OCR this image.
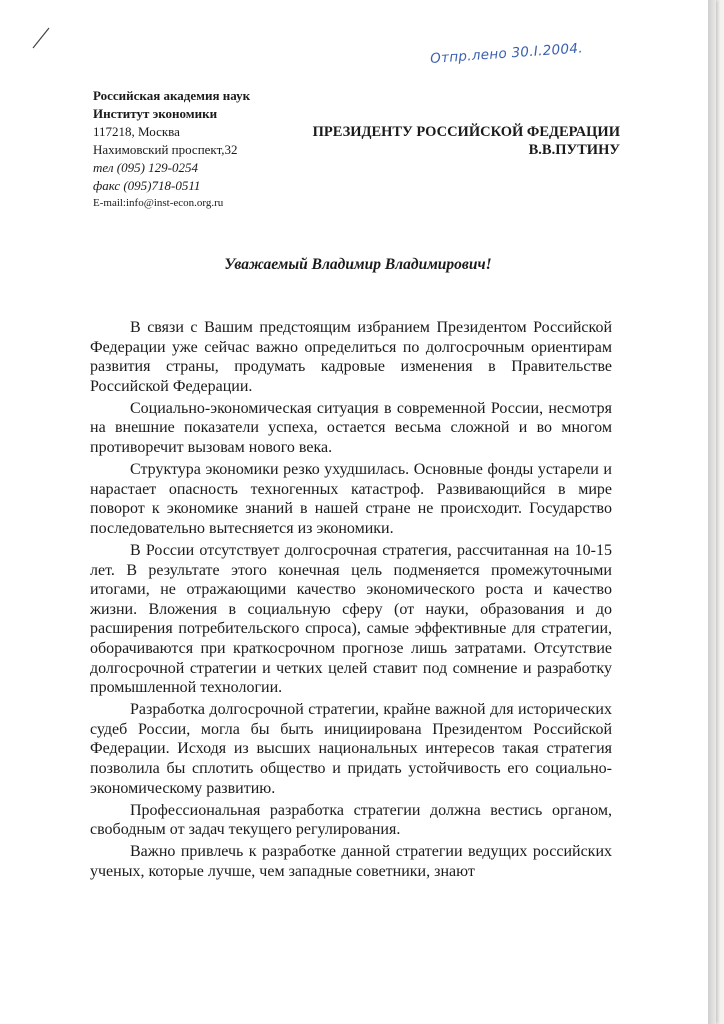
Отпр.лено 30.I.2004.
Российская академия наук
Институт экономики
117218, Москва
Нахимовский проспект,32
тел (095) 129-0254
факс (095)718-0511
E-mail:info@inst-econ.org.ru
ПРЕЗИДЕНТУ РОССИЙСКОЙ ФЕДЕРАЦИИ
В.В.ПУТИНУ
Уважаемый Владимир Владимирович!

В связи с Вашим предстоящим избранием Президентом Российской Федерации уже сейчас важно определиться по долгосрочным ориентирам развития страны, продумать кадровые изменения в Правительстве Российской Федерации.

Социально-экономическая ситуация в современной России, несмотря на внешние показатели успеха, остается весьма сложной и во многом противоречит вызовам нового века.

Структура экономики резко ухудшилась. Основные фонды устарели и нарастает опасность техногенных катастроф. Развивающийся в мире поворот к экономике знаний в нашей стране не происходит. Государство последовательно вытесняется из экономики.

В России отсутствует долгосрочная стратегия, рассчитанная на 10-15 лет. В результате этого конечная цель подменяется промежуточными итогами, не отражающими качество экономического роста и качество жизни. Вложения в социальную сферу (от науки, образования и до расширения потребительского спроса), самые эффективные для стратегии, оборачиваются при краткосрочном прогнозе лишь затратами. Отсутствие долгосрочной стратегии и четких целей ставит под сомнение и разработку промышленной технологии.

Разработка долгосрочной стратегии, крайне важной для исторических судеб России, могла бы быть инициирована Президентом Российской Федерации. Исходя из высших национальных интересов такая стратегия позволила бы сплотить общество и придать устойчивость его социально-экономическому развитию.

Профессиональная разработка стратегии должна вестись органом, свободным от задач текущего регулирования.

Важно привлечь к разработке данной стратегии ведущих российских ученых, которые лучше, чем западные советники, знают
